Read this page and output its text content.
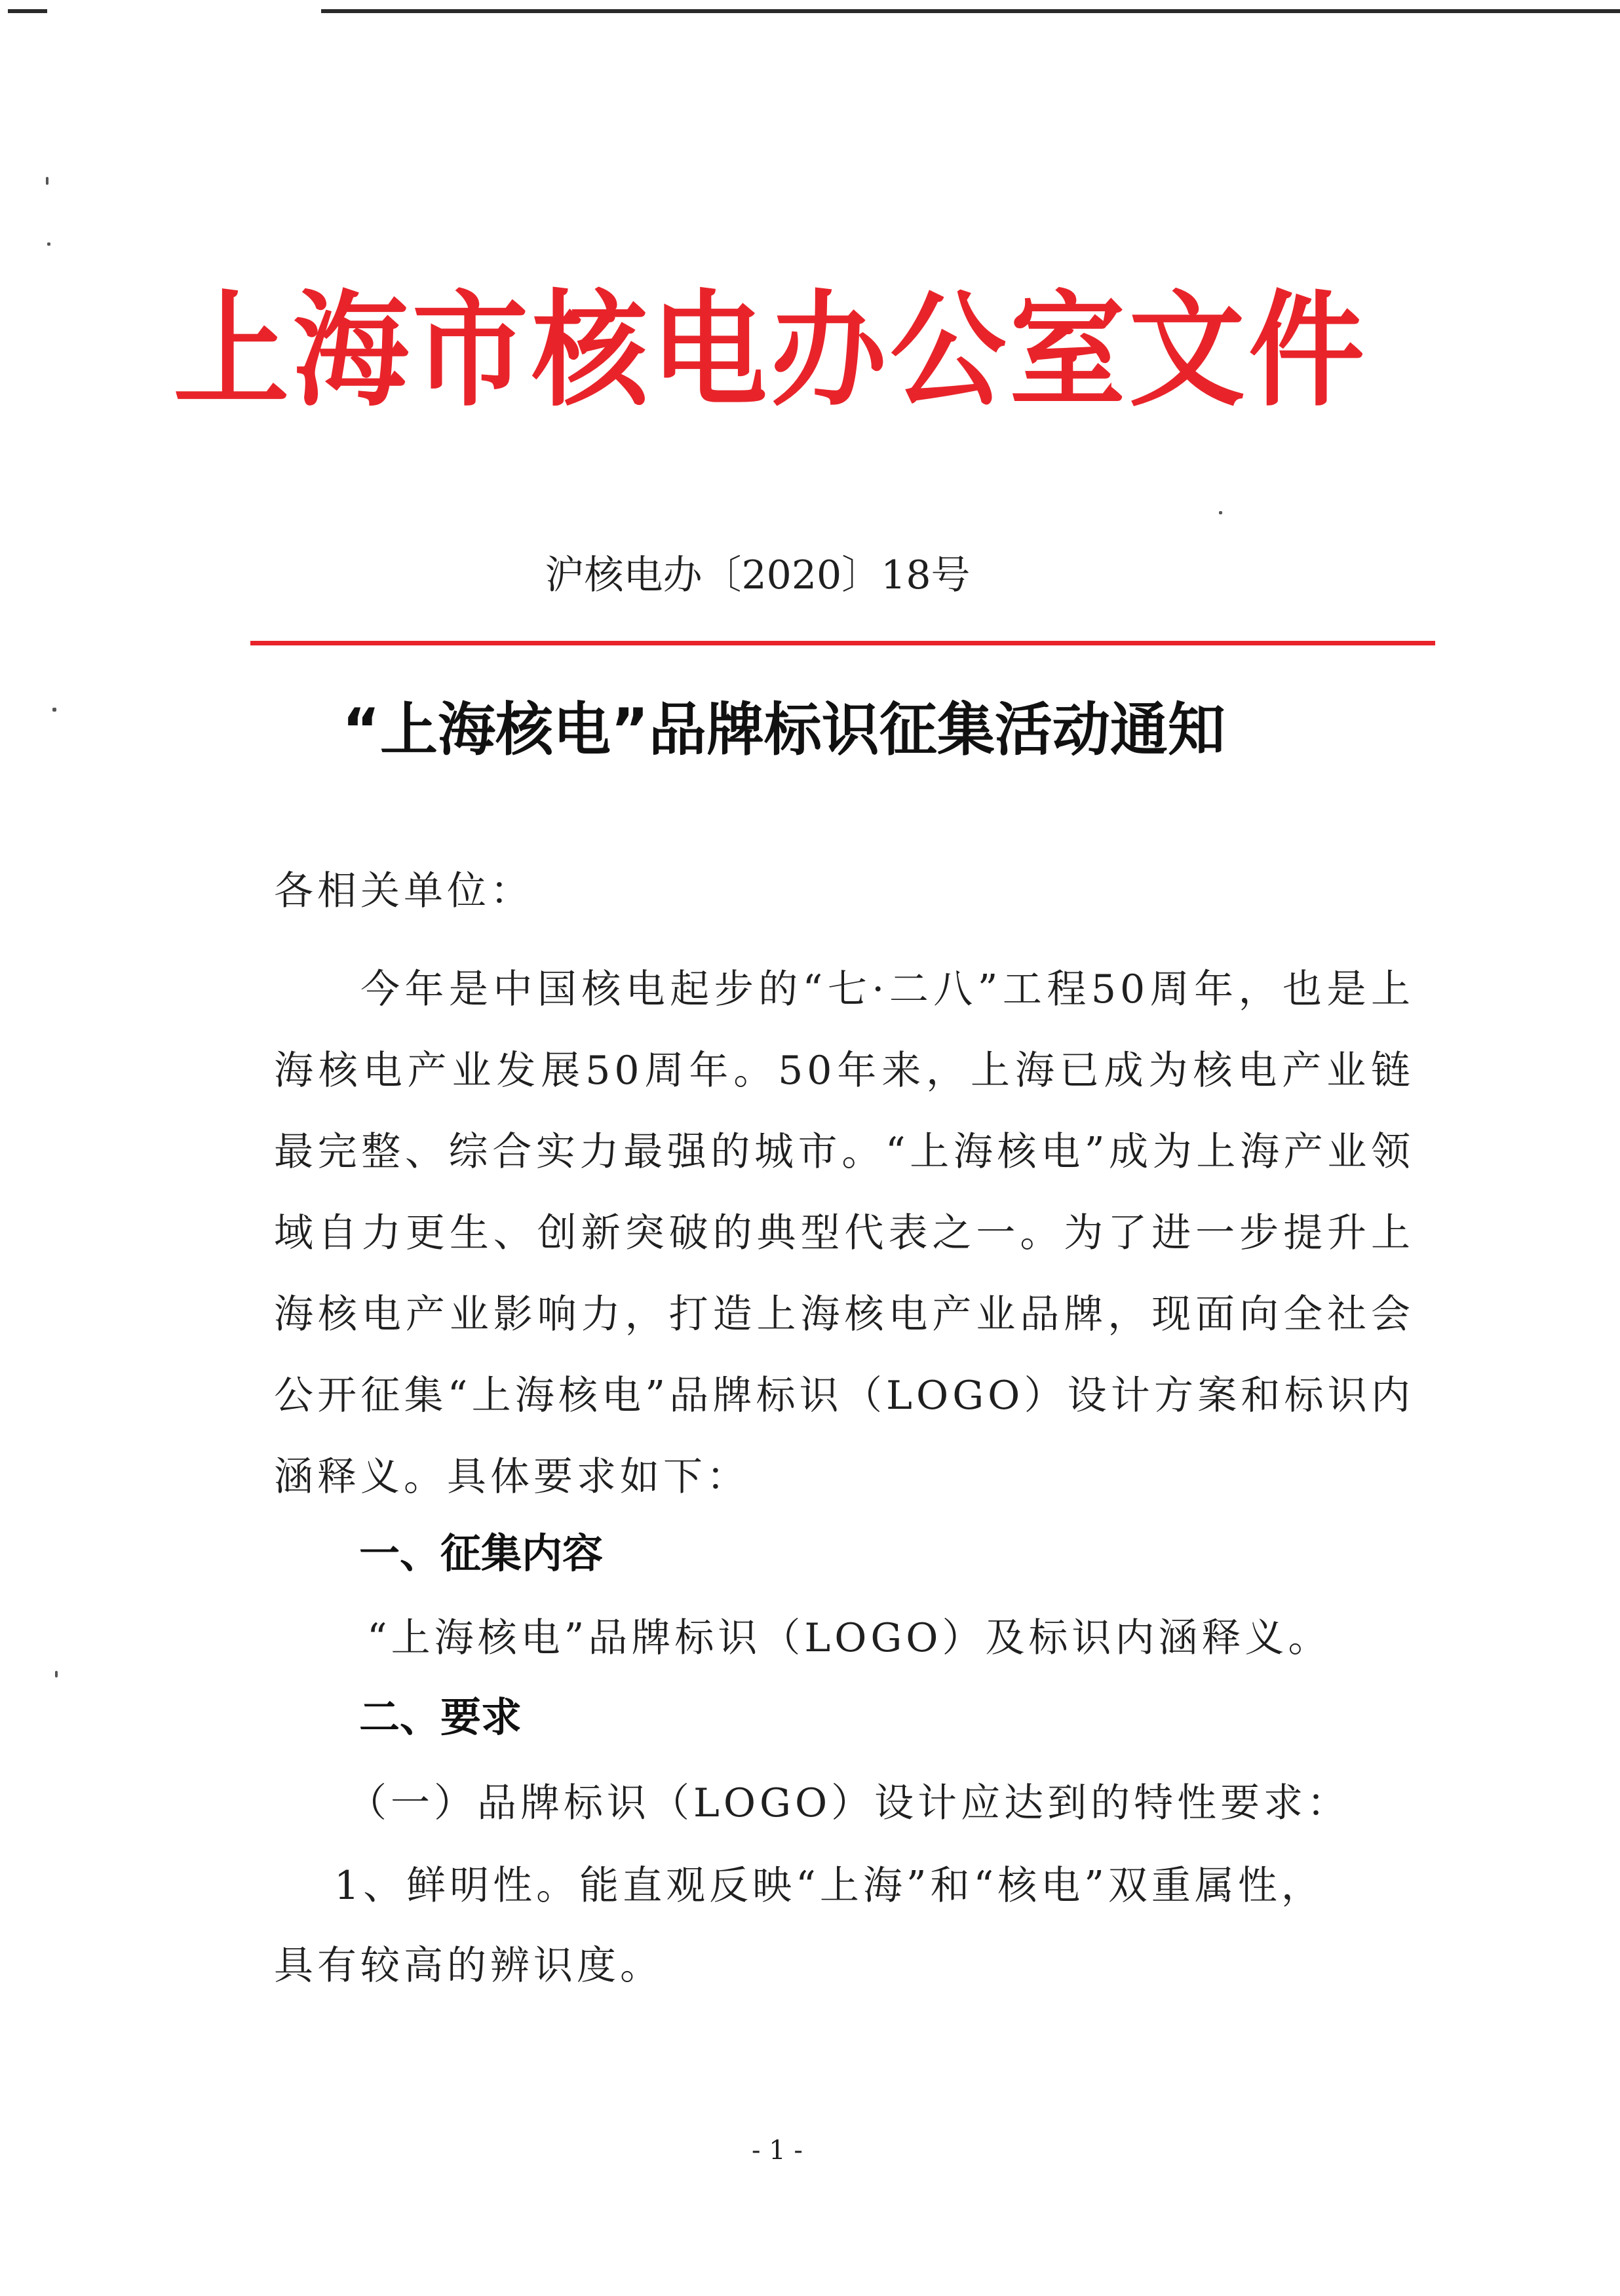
上海市核电办公室文件
沪核电办〔2020〕18号
“上海核电”品牌标识征集活动通知
各相关单位：
今年是中国核电起步的“七·二八”工程50周年，也是上海核电产业发展50周年。50年来，上海已成为核电产业链最完整、综合实力最强的城市。“上海核电”成为上海产业领域自力更生、创新突破的典型代表之一。为了进一步提升上海核电产业影响力，打造上海核电产业品牌，现面向全社会公开征集“上海核电”品牌标识（LOGO）设计方案和标识内涵释义。具体要求如下：
一、征集内容
“上海核电”品牌标识（LOGO）及标识内涵释义。
二、要求
（一）品牌标识（LOGO）设计应达到的特性要求：
1、鲜明性。能直观反映“上海”和“核电”双重属性，
具有较高的辨识度。
- 1 -
